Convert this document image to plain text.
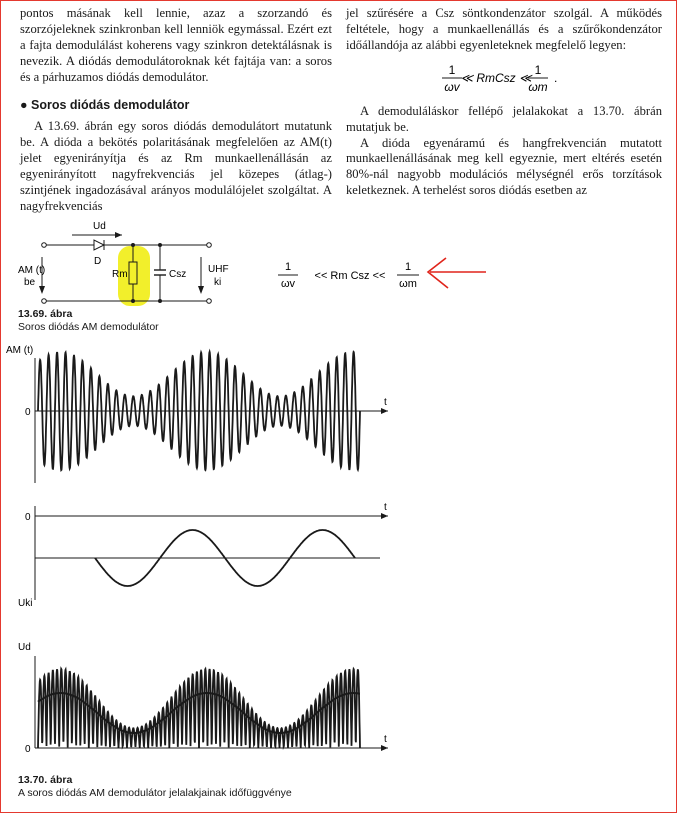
pontos másának kell lennie, azaz a szorzandó és szorzójeleknek szinkronban kell lenniök egymással. Ezért ezt a fajta demodulálást koherens vagy szinkron detektálásnak is nevezik. A diódás demodulátoroknak két fajtája van: a soros és a párhuzamos diódás demodulátor.

● Soros diódás demodulátor

A 13.69. ábrán egy soros diódás demodulátort mutatunk be. A dióda a bekötés polaritásának megfelelően az AM(t) jelet egyenirányítja és az Rm munkaellenállásán az egyenirányított nagyfrekvenciás jel közepes (átlag-) szintjének ingadozásával arányos modulálójelet szolgáltat. A nagyfrekvenciás

jel szűrésére a Csz söntkondenzátor szolgál. A működés feltétele, hogy a munkaellenállás és a szűrőkondenzátor időállandója az alábbi egyenleteknek megfelelő legyen:

1
ωv
≪ RmCsz ≪
1
ωm
.

A demoduláláskor fellépő jelalakokat a 13.70. ábrán mutatjuk be.

A dióda egyenáramú és hangfrekvencián mutatott munkaellenállásának meg kell egyeznie, mert eltérés esetén 80%-nál nagyobb modulációs mélységnél erős torzítások keletkeznek. A terhelést soros diódás esetben az

Ud
D
Rm	Csz
AM (t)
be
UHF
ki
1
ωv
<< Rm Csz <<
1
ωm
13.69. ábra
Soros diódás AM demodulátor
AM (t)
0
t
0
t
Uki
Ud
0
t
13.70. ábra
A soros diódás AM demodulátor jelalakjainak időfüggvénye
